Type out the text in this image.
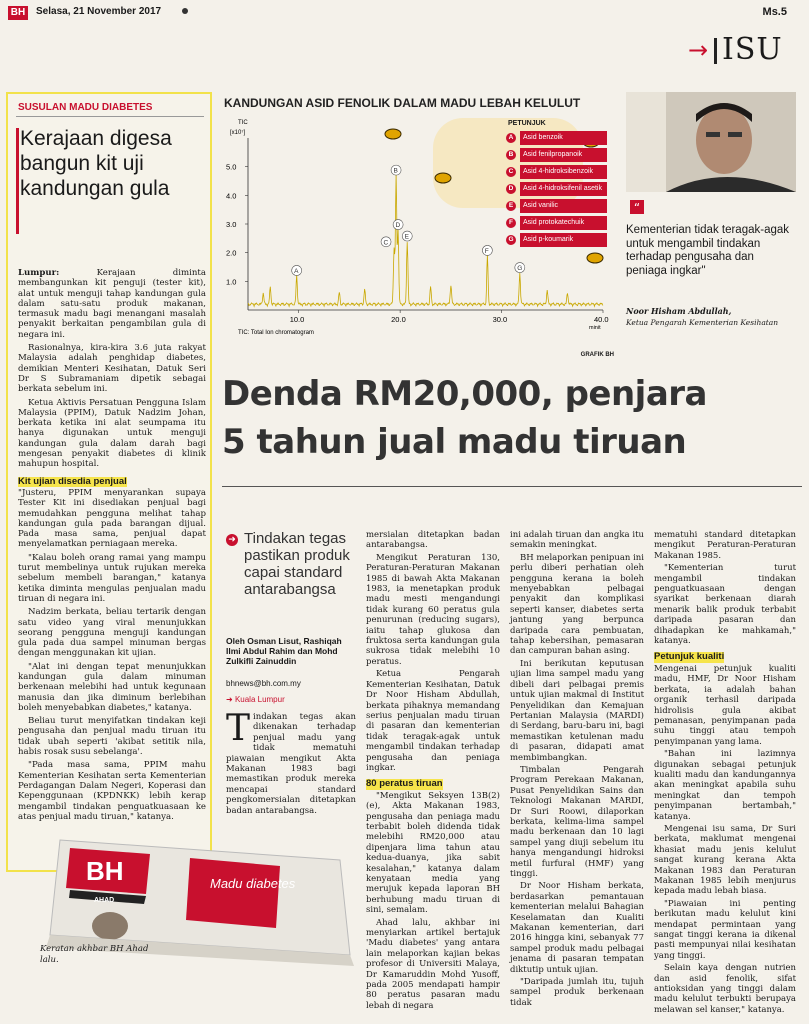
BH Selasa, 21 November 2017	Ms.5
→ ISU
SUSULAN MADU DIABETES
Kerajaan digesa bangun kit uji kandungan gula

Lumpur:	Kerajaan diminta membangunkan kit penguji (tester kit), alat untuk menguji tahap kandungan gula dalam satu-satu produk makanan, termasuk madu bagi menangani masalah penyakit berkaitan pengambilan gula di negara ini.

Rasionalnya, kira-kira 3.6 juta rakyat Malaysia adalah penghidap diabetes, demikian Menteri Kesihatan, Datuk Seri Dr S Subramaniam dipetik sebagai berkata sebelum ini.

Ketua Aktivis Persatuan Pengguna Islam Malaysia (PPIM), Datuk Nadzim Johan, berkata ketika ini alat seumpama itu hanya digunakan untuk menguji kandungan gula dalam darah bagi mengesan penyakit diabetes di klinik mahupun hospital.

Kit ujian disedia penjual

"Justeru, PPIM menyarankan supaya Tester Kit ini disediakan penjual bagi memudahkan pengguna melihat tahap kandungan gula pada barangan dijual. Pada masa sama, penjual dapat menyelamatkan perniagaan mereka.

"Kalau boleh orang ramai yang mampu turut membelinya untuk rujukan mereka sebelum membeli barangan," katanya ketika diminta mengulas penjualan madu tiruan di negara ini.

Nadzim berkata, beliau tertarik dengan satu video yang viral menunjukkan seorang pengguna menguji kandungan gula pada dua sampel minuman bergas dengan menggunakan kit ujian.

"Alat ini dengan tepat menunjukkan kandungan gula dalam minuman berkenaan melebihi had untuk kegunaan manusia dan jika diminum berlebihan boleh menyebabkan diabetes," katanya.

Beliau turut menyifatkan tindakan keji pengusaha dan penjual madu tiruan itu tidak ubah seperti 'akibat setitik nila, habis rosak susu sebelanga'.

"Pada masa sama, PPIM mahu Kementerian Kesihatan serta Kementerian Perdagangan Dalam Negeri, Koperasi dan Kepenggunaan (KPDNKK) lebih kerap mengambil tindakan penguatkuasaan ke atas penjual madu tiruan," katanya.

KANDUNGAN ASID FENOLIK DALAM MADU LEBAH KELULUT
TIC
[x10⁷]
1.0
2.0
3.0
4.0
5.0
10.0	20.0	30.0	40.0
minit
TIC: Total Ion chromatogram
A
B
C
D
E
F
G
PETUNJUK
A	Asid benzoik
B	Asid fenilpropanoik
C	Asid 4-hidroksibenzoik
D	Asid 4-hidroksifenil asetik
E	Asid vanilic
F	Asid protokatechuik
G	Asid p-koumarik
GRAFIK BH
“
Kementerian tidak teragak-agak untuk mengambil tindakan terhadap pengusaha dan peniaga ingkar"
Noor Hisham Abdullah,
Ketua Pengarah Kementerian Kesihatan
Denda RM20,000, penjara
5 tahun jual madu tiruan
➜ Tindakan tegas pastikan produk capai standard antarabangsa
Oleh Osman Lisut, Rashiqah Ilmi Abdul Rahim dan Mohd Zulkifli Zainuddin
bhnews@bh.com.my
➜ Kuala Lumpur

Tindakan tegas akan dikenakan terhadap penjual madu yang tidak mematuhi piawaian mengikut Akta Makanan 1983 bagi memastikan produk mereka mencapai standard pengkomersialan ditetapkan badan antarabangsa.

mersialan ditetapkan badan antarabangsa.

Mengikut Peraturan 130, Peraturan-Peraturan Makanan 1985 di bawah Akta Makanan 1983, ia menetapkan produk madu mesti mengandungi tidak kurang 60 peratus gula penurunan (reducing sugars), iaitu tahap glukosa dan fruktosa serta kandungan gula sukrosa tidak melebihi 10 peratus.

Ketua Pengarah Kementerian Kesihatan, Datuk Dr Noor Hisham Abdullah, berkata pihaknya memandang serius penjualan madu tiruan di pasaran dan kementerian tidak teragak-agak untuk mengambil tindakan terhadap pengusaha dan peniaga ingkar.

80 peratus tiruan

"Mengikut Seksyen 13B(2)(e), Akta Makanan 1983, pengusaha dan peniaga madu terbabit boleh didenda tidak melebihi RM20,000 atau dipenjara lima tahun atau kedua-duanya, jika sabit kesalahan," katanya dalam kenyataan media yang merujuk kepada laporan BH berhubung madu tiruan di sini, semalam.

Ahad lalu, akhbar ini menyiarkan artikel bertajuk 'Madu diabetes' yang antara lain melaporkan kajian bekas profesor di Universiti Malaya, Dr Kamaruddin Mohd Yusoff, pada 2005 mendapati hampir 80 peratus pasaran madu lebah di negara

ini adalah tiruan dan angka itu semakin meningkat.

BH melaporkan penipuan ini perlu diberi perhatian oleh pengguna kerana ia boleh menyebabkan pelbagai penyakit dan komplikasi seperti kanser, diabetes serta jantung yang berpunca daripada cara pembuatan, tahap kebersihan, pemasaran dan campuran bahan asing.

Ini berikutan keputusan ujian lima sampel madu yang dibeli dari pelbagai premis untuk ujian makmal di Institut Penyelidikan dan Kemajuan Pertanian Malaysia (MARDI) di Serdang, baru-baru ini, bagi memastikan ketulenan madu di pasaran, didapati amat membimbangkan.

Timbalan Pengarah Program Perekaan Makanan, Pusat Penyelidikan Sains dan Teknologi Makanan MARDI, Dr Suri Roowi, dilaporkan berkata, kelima-lima sampel madu berkenaan dan 10 lagi sampel yang diuji sebelum itu hanya mengandungi hidroksi metil furfural (HMF) yang tinggi.

Dr Noor Hisham berkata, berdasarkan pemantauan kementerian melalui Bahagian Keselamatan dan Kualiti Makanan kementerian, dari 2016 hingga kini, sebanyak 77 sampel produk madu pelbagai jenama di pasaran tempatan diktutip untuk ujian.

"Daripada jumlah itu, tujuh sampel produk berkenaan tidak

mematuhi standard ditetapkan mengikut Peraturan-Peraturan Makanan 1985.

"Kementerian turut mengambil tindakan penguatkuasaan dengan syarikat berkenaan diarah menarik balik produk terbabit daripada pasaran dan dihadapkan ke mahkamah," katanya.

Petunjuk kualiti

Mengenai petunjuk kualiti madu, HMF, Dr Noor Hisham berkata, ia adalah bahan organik terhasil daripada hidrolisis gula akibat pemanasan, penyimpanan pada suhu tinggi atau tempoh penyimpanan yang lama.

"Bahan ini lazimnya digunakan sebagai petunjuk kualiti madu dan kandungannya akan meningkat apabila suhu meningkat dan tempoh penyimpanan bertambah," katanya.

Mengenai isu sama, Dr Suri berkata, maklumat mengenai khasiat madu jenis kelulut sangat kurang kerana Akta Makanan 1983 dan Peraturan Makanan 1985 lebih menjurus kepada madu lebah biasa.

"Piawaian ini penting berikutan madu kelulut kini mendapat permintaan yang sangat tinggi kerana ia dikenal pasti mempunyai nilai kesihatan yang tinggi.

Selain kaya dengan nutrien dan asid fenolik, sifat antioksidan yang tinggi dalam madu kelulut terbukti berupaya melawan sel kanser," katanya.

BH
AHAD
Madu diabetes
Keratan akhbar BH Ahad lalu.
